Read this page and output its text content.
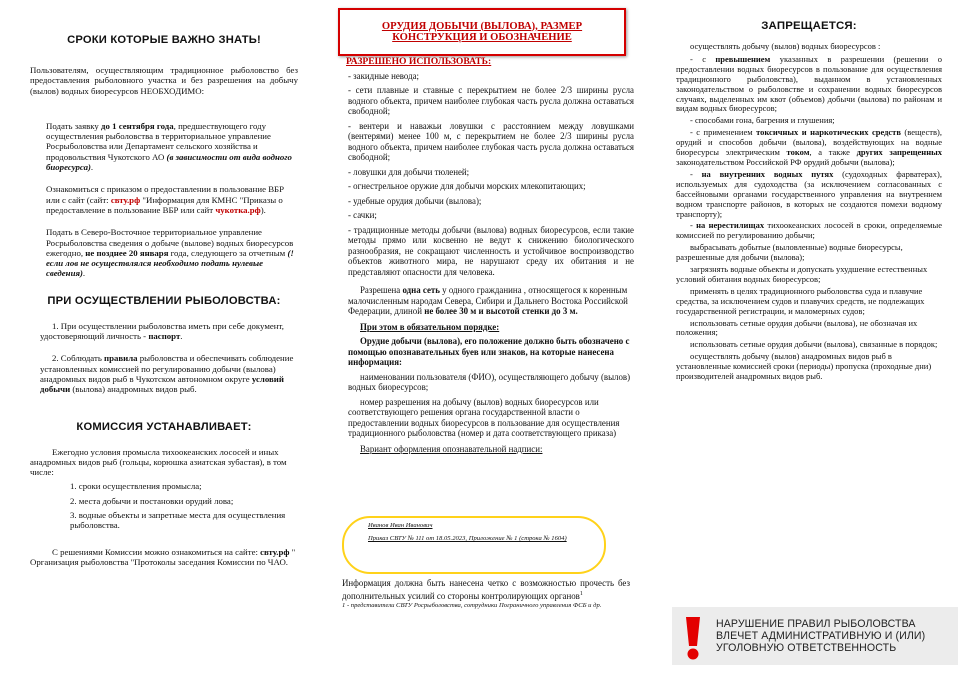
СРОКИ КОТОРЫЕ ВАЖНО ЗНАТЬ!

Пользователям, осуществляющим традиционное рыболовство без предоставления рыболовного участка и без разрешения на добычу (вылов) водных биоресурсов НЕОБХОДИМО:

Подать заявку до 1 сентября года, предшествующего году осуществления рыболовства в территориальное управление Росрыболовства или Департамент сельского хозяйства и продовольствия Чукотского АО (в зависимости от вида водного биоресурса).

Ознакомиться с приказом о предоставлении в пользование ВБР или с сайт (сайт: свту.рф "Информация для КМНС "Приказы о предоставление в пользование ВБР или сайт чукотка.рф).

Подать в Северо-Восточное территориальное управление Росрыболовства сведения о добыче (вылове) водных биоресурсов ежегодно, не позднее 20 января года, следующего за отчетным (! если лов не осуществлялся необходимо подать нулевые сведения).

ПРИ ОСУЩЕСТВЛЕНИИ РЫБОЛОВСТВА:

1. При осуществлении рыболовства иметь при себе документ, удостоверяющий личность - паспорт.

2. Соблюдать правила рыболовства и обеспечивать соблюдение установленных комиссией по регулированию добычи (вылова) анадромных видов рыб в Чукотском автономном округе условий добычи (вылова) анадромных видов рыб.

КОМИССИЯ УСТАНАВЛИВАЕТ:

Ежегодно условия промысла тихоокеанских лососей и иных анадромных видов рыб (гольцы, корюшка азиатская зубастая), в том числе:

1. сроки осуществления промысла;

2. места добычи и постановки орудий лова;

3. водные объекты и запретные места для осуществления рыболовства.

С решениями Комиссии можно ознакомиться на сайте: свту.рф " Организация рыболовства "Протоколы заседания Комиссии по ЧАО.

ОРУДИЯ ДОБЫЧИ (ВЫЛОВА), РАЗМЕР КОНСТРУКЦИЯ И ОБОЗНАЧЕНИЕ

РАЗРЕШЕНО ИСПОЛЬЗОВАТЬ:

- закидные невода;

- сети плавные и ставные с перекрытием не более 2/3 ширины русла водного объекта, причем наиболее глубокая часть русла должна оставаться свободной;

- вентери и наважьи ловушки с расстоянием между ловушками (вентерями) менее 100 м, с перекрытием не более 2/3 ширины русла водного объекта, причем наиболее глубокая часть русла должна оставаться свободной;

- ловушки для добычи тюленей;

- огнестрельное оружие для добычи морских млекопитающих;

- удебные орудия добычи (вылова);

- сачки;

- традиционные методы добычи (вылова) водных биоресурсов, если такие методы прямо или косвенно не ведут к снижению биологического разнообразия, не сокращают численность и устойчивое воспроизводство объектов животного мира, не нарушают среду их обитания и не представляют опасности для человека.

Разрешена одна сеть у одного гражданина , относящегося к коренным малочисленным народам Севера, Сибири и Дальнего Востока Российской Федерации, длиной не более 30 м и высотой стенки до 3 м.

При этом в обязательном порядке:

Орудие добычи (вылова), его положение должно быть обозначено с помощью опознавательных буев или знаков, на которые нанесена информация:

наименовании пользователя (ФИО), осуществляющего добычу (вылов) водных биоресурсов;

номер разрешения на добычу (вылов) водных биоресурсов или соответствующего решения органа государственной власти о предоставлении водных биоресурсов в пользование для осуществления традиционного рыболовства (номер и дата соответствующего приказа)

Вариант оформления опознавательной надписи:

Иванов Иван Иванович
Приказ СВТУ № 111 от 18.05.2023, Приложение № 1 (строка № 1604)

Информация должна быть нанесена четко с возможностью прочесть без дополнительных усилий со стороны контролирующих органов$^1$

1 - представители СВТУ Росрыболовства, сотрудники Пограничного управления ФСБ и др.

ЗАПРЕЩАЕТСЯ:

осуществлять добычу (вылов) водных биоресурсов :

- с превышением указанных в разрешении (решении о предоставлении водных биоресурсов в пользование для осуществления традиционного рыболовства), выданном в установленных законодательством о рыболовстве и сохранении водных биоресурсов случаях, выделенных им квот (объемов) добычи (вылова) по районам и видам водных биоресурсов;

- способами гона, багрения и глушения;

- с применением токсичных и наркотических средств (веществ), орудий и способов добычи (вылова), воздействующих на водные биоресурсы электрическим током, а также других запрещенных законодательством Российской РФ орудий добычи (вылова);

- на внутренних водных путях (судоходных фарватерах), используемых для судоходства (за исключением согласованных с бассейновыми органами государственного управления на внутреннем водном транспорте районов, в которых не создаются помехи водному транспорту);

- на нерестилищах тихоокеанских лососей в сроки, определяемые комиссией по регулированию добычи;

выбрасывать добытые (выловленные) водные биоресурсы, разрешенные для добычи (вылова);

загрязнять водные объекты и допускать ухудшение естественных условий обитания водных биоресурсов;

применять в целях традиционного рыболовства суда и плавучие средства, за исключением судов и плавучих средств, не подлежащих государственной регистрации, и маломерных судов;

использовать сетные орудия добычи (вылова), не обозначая их положения;

использовать сетные орудия добычи (вылова), связанные в порядок;

осуществлять добычу (вылов) анадромных видов рыб в установленные комиссией сроки (периоды) пропуска (проходные дни) производителей анадромных видов рыб.

НАРУШЕНИЕ ПРАВИЛ РЫБОЛОВСТВА ВЛЕЧЕТ АДМИНИСТРАТИВНУЮ И (ИЛИ) УГОЛОВНУЮ ОТВЕТСТВЕННОСТЬ
